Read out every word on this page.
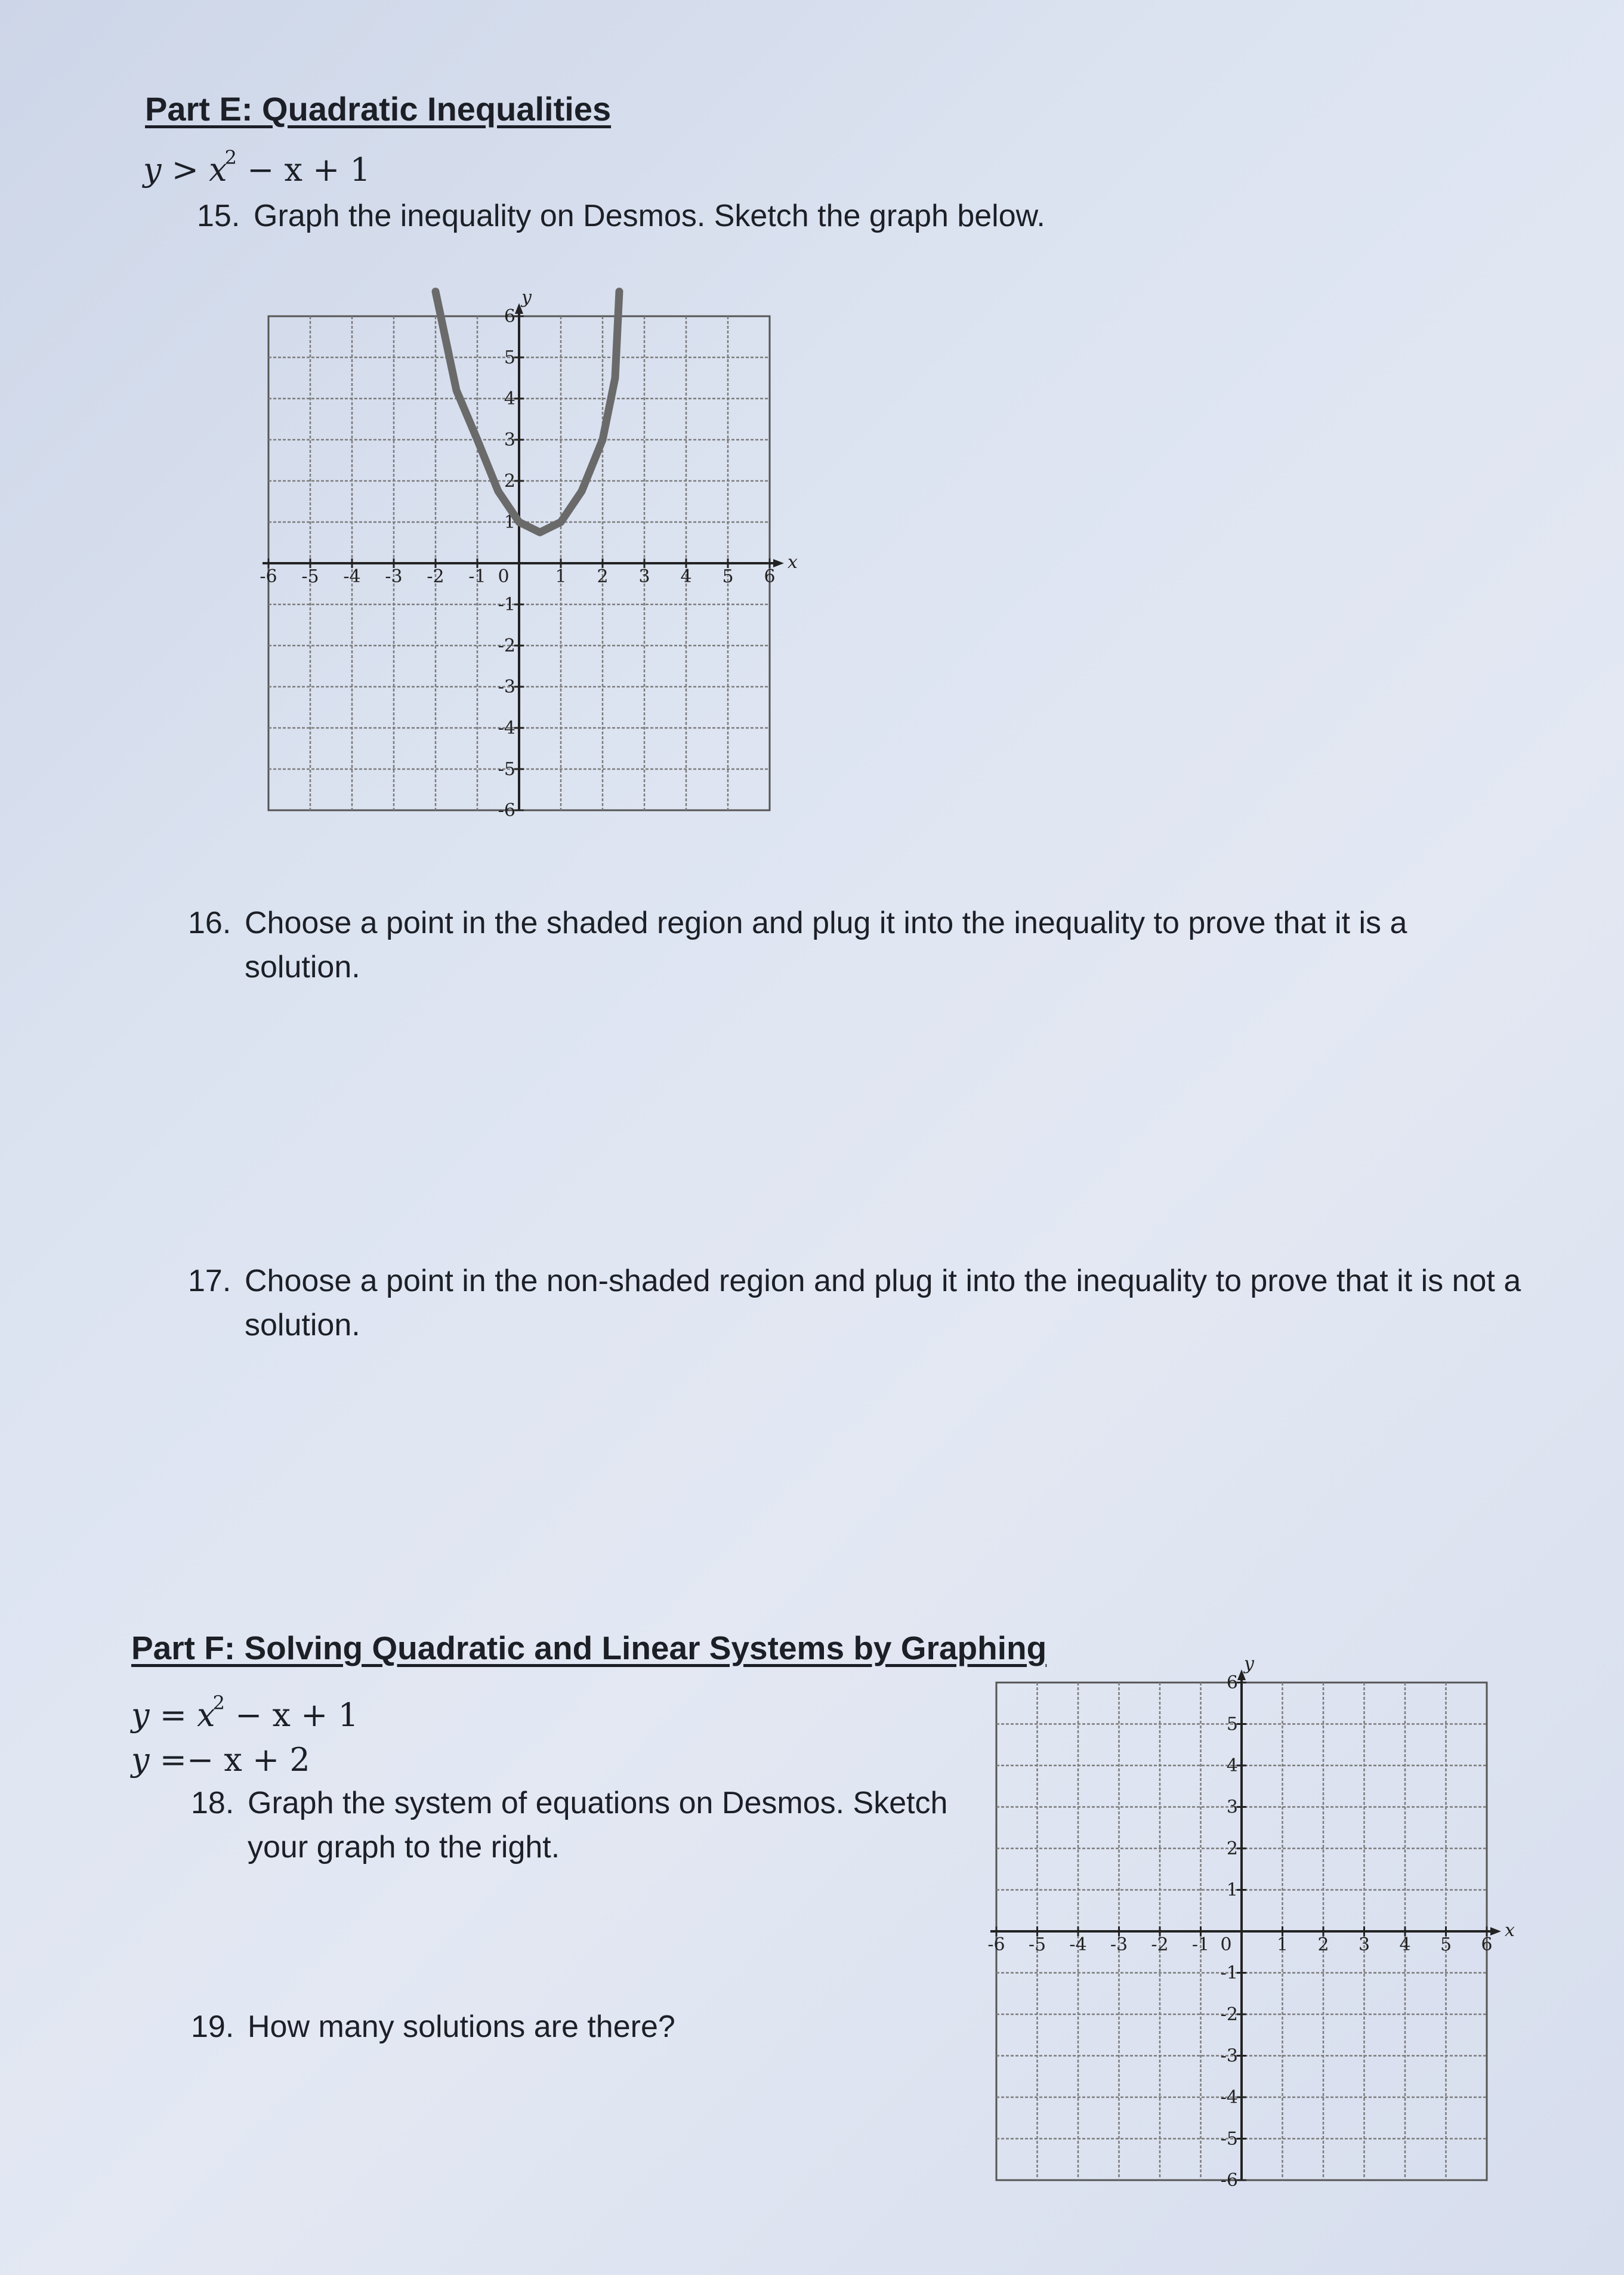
Part E: Quadratic Inequalities
$y > x^2 - x + 1$
15. Graph the inequality on Desmos. Sketch the graph below.
-6 -5 -4 -3 -2 -1 0	1 2 3 4 5 6
6
5
4
3
2
1
-1
-2
-3
-4
-5
-6
x
y
16. Choose a point in the shaded region and plug it into the inequality to prove that it is a solution.
17. Choose a point in the non-shaded region and plug it into the inequality to prove that it is not a solution.
Part F: Solving Quadratic and Linear Systems by Graphing
$y = x^2 - x + 1$
y =− x + 2
18. Graph the system of equations on Desmos. Sketch your graph to the right.
19. How many solutions are there?
-6 -5 -4 -3 -2 -1 0	1 2 3 4 5 6
6
5
4
3
2
1
-1
-2
-3
-4
-5
-6
x
y
